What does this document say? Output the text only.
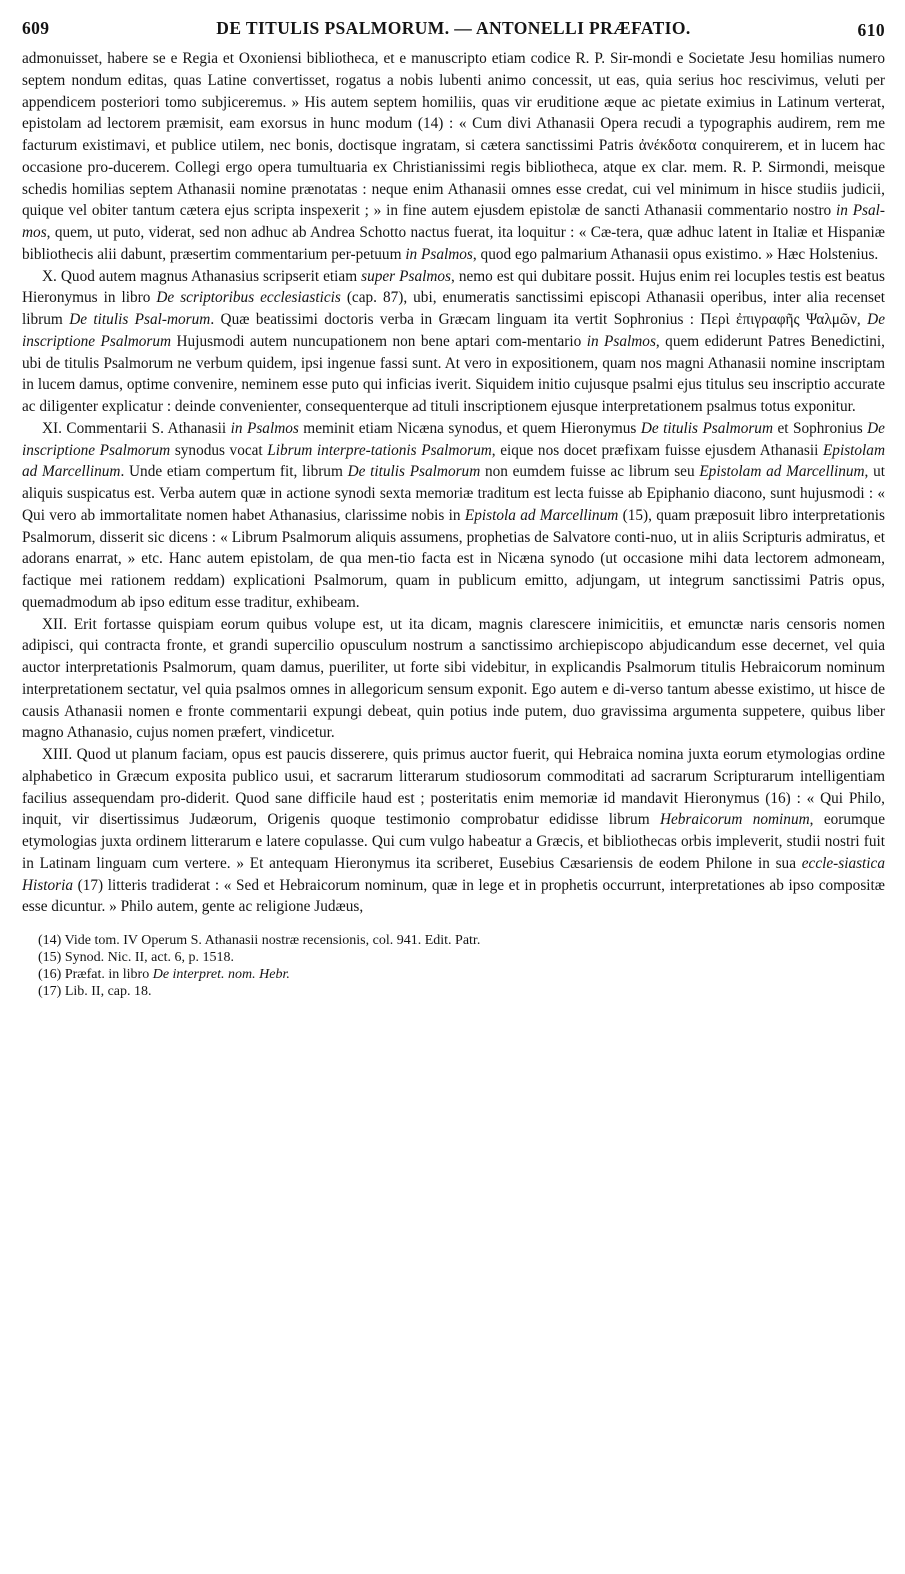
609	DE TITULIS PSALMORUM. — ANTONELLI PRÆFATIO.	610

admonuisset, habere se e Regia et Oxoniensi bibliotheca, et e manuscripto etiam codice R. P. Sir-mondi e Societate Jesu homilias numero septem nondum editas, quas Latine convertisset, rogatus a nobis lubenti animo concessit, ut eas, quia serius hoc rescivimus, veluti per appendicem posteriori tomo subjiceremus. » His autem septem homiliis, quas vir eruditione æque ac pietate eximius in Latinum verterat, epistolam ad lectorem præmisit, eam exorsus in hunc modum (14) : « Cum divi Athanasii Opera recudi a typographis audirem, rem me facturum existimavi, et publice utilem, nec bonis, doctisque ingratam, si cætera sanctissimi Patris ἀνέκδοτα conquirerem, et in lucem hac occasione pro-ducerem. Collegi ergo opera tumultuaria ex Christianissimi regis bibliotheca, atque ex clar. mem. R. P. Sirmondi, meisque schedis homilias septem Athanasii nomine prænotatas : neque enim Athanasii omnes esse credat, cui vel minimum in hisce studiis judicii, quique vel obiter tantum cætera ejus scripta inspexerit ; » in fine autem ejusdem epistolæ de sancti Athanasii commentario nostro in Psal-mos, quem, ut puto, viderat, sed non adhuc ab Andrea Schotto nactus fuerat, ita loquitur : « Cæ-tera, quæ adhuc latent in Italiæ et Hispaniæ bibliothecis alii dabunt, præsertim commentarium per-petuum in Psalmos, quod ego palmarium Athanasii opus existimo. » Hæc Holstenius.

X. Quod autem magnus Athanasius scripserit etiam super Psalmos, nemo est qui dubitare possit. Hujus enim rei locuples testis est beatus Hieronymus in libro De scriptoribus ecclesiasticis (cap. 87), ubi, enumeratis sanctissimi episcopi Athanasii operibus, inter alia recenset librum De titulis Psal-morum. Quæ beatissimi doctoris verba in Græcam linguam ita vertit Sophronius : Περὶ ἐπιγραφῆς Ψαλμῶν, De inscriptione Psalmorum Hujusmodi autem nuncupationem non bene aptari com-mentario in Psalmos, quem ediderunt Patres Benedictini, ubi de titulis Psalmorum ne verbum quidem, ipsi ingenue fassi sunt. At vero in expositionem, quam nos magni Athanasii nomine inscriptam in lucem damus, optime convenire, neminem esse puto qui inficias iverit. Siquidem initio cujusque psalmi ejus titulus seu inscriptio accurate ac diligenter explicatur : deinde convenienter, consequenterque ad tituli inscriptionem ejusque interpretationem psalmus totus exponitur.

XI. Commentarii S. Athanasii in Psalmos meminit etiam Nicæna synodus, et quem Hieronymus De titulis Psalmorum et Sophronius De inscriptione Psalmorum synodus vocat Librum interpre-tationis Psalmorum, eique nos docet præfixam fuisse ejusdem Athanasii Epistolam ad Marcellinum. Unde etiam compertum fit, librum De titulis Psalmorum non eumdem fuisse ac librum seu Epistolam ad Marcellinum, ut aliquis suspicatus est. Verba autem quæ in actione synodi sexta memoriæ traditum est lecta fuisse ab Epiphanio diacono, sunt hujusmodi : « Qui vero ab immortalitate nomen habet Athanasius, clarissime nobis in Epistola ad Marcellinum (15), quam præposuit libro interpretationis Psalmorum, disserit sic dicens : « Librum Psalmorum aliquis assumens, prophetias de Salvatore conti-nuo, ut in aliis Scripturis admiratus, et adorans enarrat, » etc. Hanc autem epistolam, de qua men-tio facta est in Nicæna synodo (ut occasione mihi data lectorem admoneam, factique mei rationem reddam) explicationi Psalmorum, quam in publicum emitto, adjungam, ut integrum sanctissimi Patris opus, quemadmodum ab ipso editum esse traditur, exhibeam.

XII. Erit fortasse quispiam eorum quibus volupe est, ut ita dicam, magnis clarescere inimicitiis, et emunctæ naris censoris nomen adipisci, qui contracta fronte, et grandi supercilio opusculum nostrum a sanctissimo archiepiscopo abjudicandum esse decernet, vel quia auctor interpretationis Psalmorum, quam damus, pueriliter, ut forte sibi videbitur, in explicandis Psalmorum titulis Hebraicorum nominum interpretationem sectatur, vel quia psalmos omnes in allegoricum sensum exponit. Ego autem e di-verso tantum abesse existimo, ut hisce de causis Athanasii nomen e fronte commentarii expungi debeat, quin potius inde putem, duo gravissima argumenta suppetere, quibus liber magno Athanasio, cujus nomen præfert, vindicetur.

XIII. Quod ut planum faciam, opus est paucis disserere, quis primus auctor fuerit, qui Hebraica nomina juxta eorum etymologias ordine alphabetico in Græcum exposita publico usui, et sacrarum litterarum studiosorum commoditati ad sacrarum Scripturarum intelligentiam facilius assequendam pro-diderit. Quod sane difficile haud est ; posteritatis enim memoriæ id mandavit Hieronymus (16) : « Qui Philo, inquit, vir disertissimus Judæorum, Origenis quoque testimonio comprobatur edidisse librum Hebraicorum nominum, eorumque etymologias juxta ordinem litterarum e latere copulasse. Qui cum vulgo habeatur a Græcis, et bibliothecas orbis impleverit, studii nostri fuit in Latinam linguam cum vertere. » Et antequam Hieronymus ita scriberet, Eusebius Cæsariensis de eodem Philone in sua eccle-siastica Historia (17) litteris tradiderat : « Sed et Hebraicorum nominum, quæ in lege et in prophetis occurrunt, interpretationes ab ipso compositæ esse dicuntur. » Philo autem, gente ac religione Judæus,

(14) Vide tom. IV Operum S. Athanasii nostræ recensionis, col. 941. Edit. Patr.
(15) Synod. Nic. II, act. 6, p. 1518.
(16) Præfat. in libro De interpret. nom. Hebr.
(17) Lib. II, cap. 18.
